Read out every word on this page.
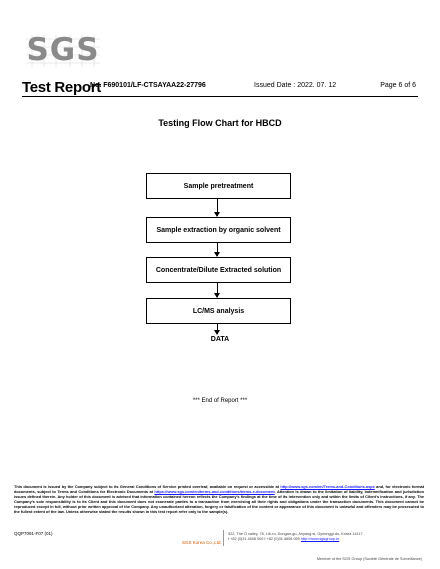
SGS
Test Report
No. F690101/LF-CTSAYAA22-27796	Issued Date : 2022. 07. 12	Page 6 of 6
Testing Flow Chart for HBCD
Sample pretreatment
Sample extraction by organic solvent
Concentrate/Dilute Extracted solution
LC/MS analysis
DATA
*** End of Report ***
This document is issued by the Company subject to its General Conditions of Service printed overleaf, available on request or accessible at http://www.sgs.com/en/Terms-and-Conditions.aspx and, for electronic format documents, subject to Terms and Conditions for Electronic Documents at https://www.sgs.com/en/terms-and-conditions/terms-e-document. Attention is drawn to the limitation of liability, indemnification and jurisdiction issues defined therein. Any holder of this document is advised that information contained hereon reflects the Company's findings at the time of its intervention only and within the limits of Client's instructions, if any. The Company's sole responsibility is to its Client and this document does not exonerate parties to a transaction from exercising all their rights and obligations under the transaction documents. This document cannot be reproduced except in full, without prior written approval of the Company. Any unauthorized alteration, forgery or falsification of the content or appearance of this document is unlawful and offenders may be prosecuted to the fullest extent of the law. Unless otherwise stated the results shown in this test report refer only to the sample(s).
QQP7091-F07 (01)
SGS Korea Co.,Ltd.
322, The O valley, 76, Lib-ro, Dongan-gu, Anyang-si, Gyeonggi-do, Korea 14117
t +82 (0)31 4608 000 f +82 (0)31 4608 059 http://www.sgsgroup.kr
Member of the SGS Group (Société Générale de Surveillance)
